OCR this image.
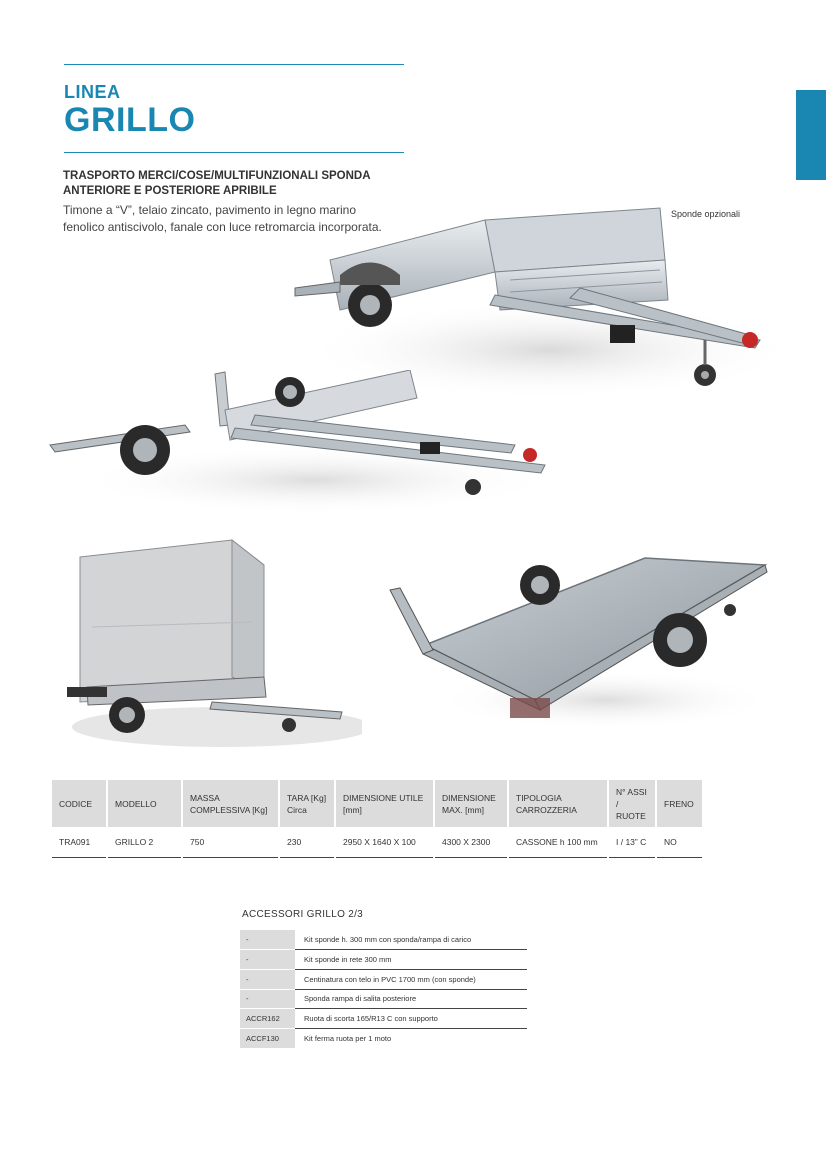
LINEA
GRILLO
TRASPORTO MERCI/COSE/MULTIFUNZIONALI SPONDA ANTERIORE E POSTERIORE APRIBILE
Timone a “V”, telaio zincato, pavimento in legno marino fenolico antiscivolo, fanale con luce retromarcia incorporata.
Sponde opzionali
CODICE	MODELLO	MASSA COMPLESSIVA [Kg]	TARA [Kg] Circa	DIMENSIONE UTILE [mm]	DIMENSIONE MAX. [mm]	TIPOLOGIA CARROZZERIA	N° ASSI / RUOTE	FRENO
TRA091	GRILLO 2	750	230	2950 X 1640 X 100	4300 X 2300	CASSONE h 100 mm	I / 13” C	NO
ACCESSORI GRILLO 2/3
-	Kit sponde h. 300 mm con sponda/rampa di carico
-	Kit sponde in rete 300 mm
-	Centinatura con telo in PVC 1700 mm (con sponde)
-	Sponda rampa di salita posteriore
ACCR162	Ruota di scorta 165/R13 C con supporto
ACCF130	Kit ferma ruota per 1 moto
